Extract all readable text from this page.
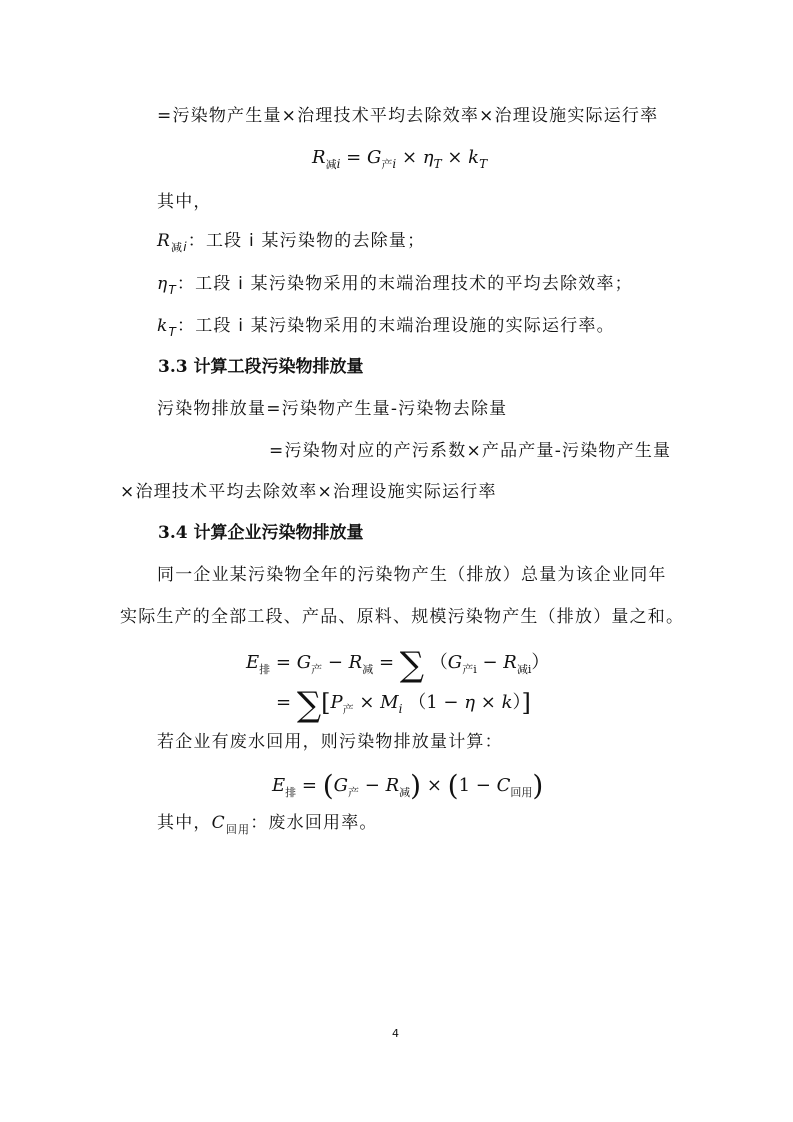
=污染物产生量×治理技术平均去除效率×治理设施实际运行率
$R_{减i} = G_{产i} \times \eta_T \times k_T$
其中，
$R_{减i}$：工段 i 某污染物的去除量；
$\eta_T$：工段 i 某污染物采用的末端治理技术的平均去除效率；
$k_T$：工段 i 某污染物采用的末端治理设施的实际运行率。
3.3 计算工段污染物排放量
污染物排放量=污染物产生量-污染物去除量
=污染物对应的产污系数×产品产量-污染物产生量
×治理技术平均去除效率×治理设施实际运行率
3.4 计算企业污染物排放量
同一企业某污染物全年的污染物产生（排放）总量为该企业同年
实际生产的全部工段、产品、原料、规模污染物产生（排放）量之和。
$E_排 = G_产 - R_减$ = ∑ $(G_{产i} - R_{减i})$
= $\sum[P_产 \times M_i$ （1 − η × k）]
若企业有废水回用，则污染物排放量计算：
$E_排 = (G_产 - R_减) \times (1 - C_{回用})$
其中，$C_{回用}$：废水回用率。
4
